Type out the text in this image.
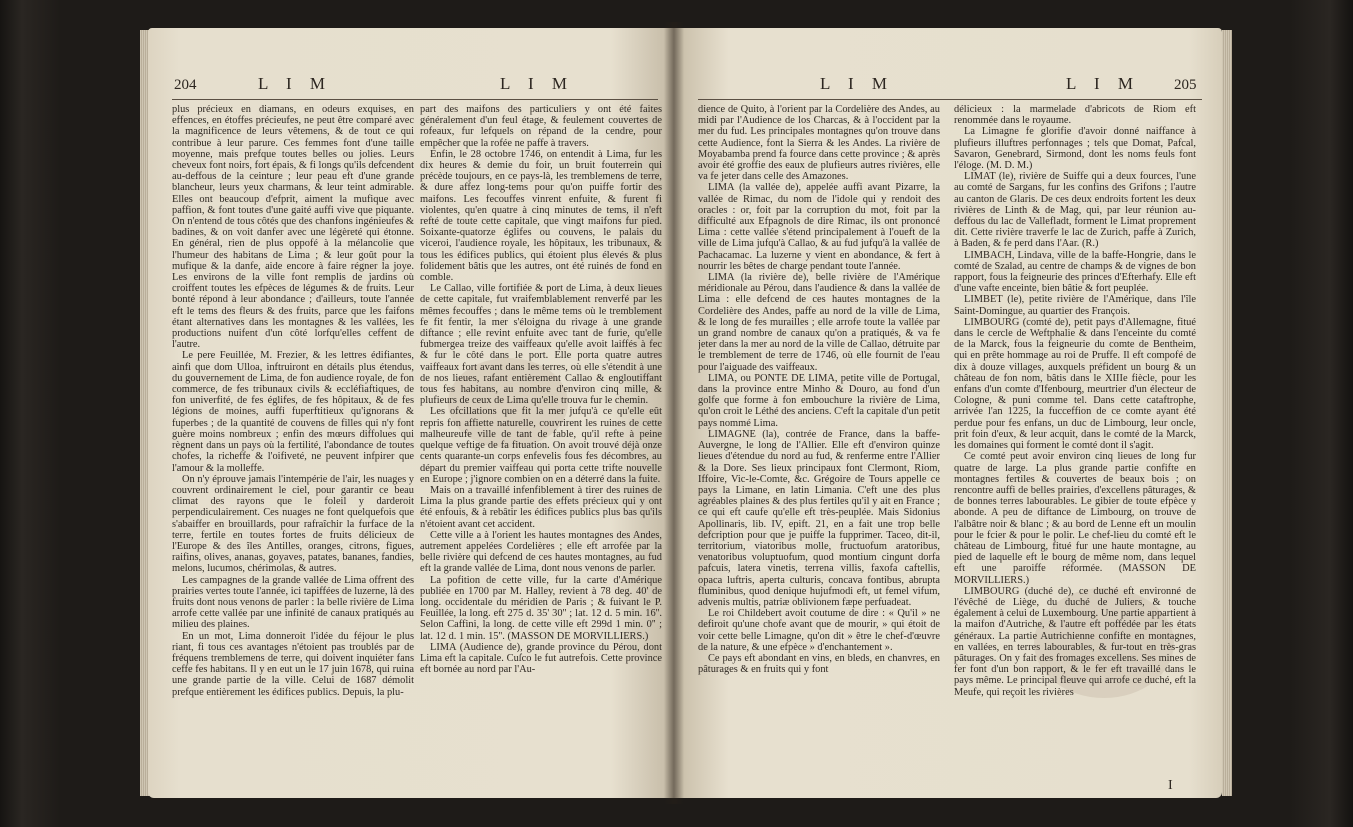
204	L I M	L I M

plus précieux en diamans, en odeurs exquises, en effences, en étoffes précieufes, ne peut être comparé avec la magnificence de leurs vêtemens, & de tout ce qui contribue à leur parure. Ces femmes font d'une taille moyenne, mais prefque toutes belles ou jolies. Leurs cheveux font noirs, fort épais, & fi longs qu'ils defcendent au-deffous de la ceinture ; leur peau eft d'une grande blancheur, leurs yeux charmans, & leur teint admirable. Elles ont beaucoup d'efprit, aiment la mufique avec paffion, & font toutes d'une gaité auffi vive que piquante. On n'entend de tous côtés que des chanfons ingénieufes & badines, & on voit danfer avec une légèreté qui étonne. En général, rien de plus oppofé à la mélancolie que l'humeur des habitans de Lima ; & leur goût pour la mufique & la danfe, aide encore à faire régner la joye. Les environs de la ville font remplis de jardins où croiffent toutes les efpèces de légumes & de fruits. Leur bonté répond à leur abondance ; d'ailleurs, toute l'année eft le tems des fleurs & des fruits, parce que les faifons étant alternatives dans les montagnes & les vallées, les productions nuifent d'un côté lorfqu'elles ceffent de l'autre.

Le pere Feuillée, M. Frezier, & les lettres édifiantes, ainfi que dom Ulloa, inftruiront en détails plus étendus, du gouvernement de Lima, de fon audience royale, de fon commerce, de fes tribunaux civils & eccléfiaftiques, de fon univerfité, de fes églifes, de fes hôpitaux, & de fes légions de moines, auffi fuperftitieux qu'ignorans & fuperbes ; de la quantité de couvens de filles qui n'y font guère moins nombreux ; enfin des mœurs diffolues qui règnent dans un pays où la fertilité, l'abondance de toutes chofes, la richeffe & l'oifiveté, ne peuvent infpirer que l'amour & la molleffe.

On n'y éprouve jamais l'intempérie de l'air, les nuages y couvrent ordinairement le ciel, pour garantir ce beau climat des rayons que le foleil y darderoit perpendiculairement. Ces nuages ne font quelquefois que s'abaiffer en brouillards, pour rafraîchir la furface de la terre, fertile en toutes fortes de fruits délicieux de l'Europe & des îles Antilles, oranges, citrons, figues, raifins, olives, ananas, goyaves, patates, bananes, fandies, melons, lucumos, chérimolas, & autres.

Les campagnes de la grande vallée de Lima offrent des prairies vertes toute l'année, ici tapiffées de luzerne, là des fruits dont nous venons de parler : la belle rivière de Lima arrofe cette vallée par une infinité de canaux pratiqués au milieu des plaines.

En un mot, Lima donneroit l'idée du féjour le plus riant, fi tous ces avantages n'étoient pas troublés par de fréquens tremblemens de terre, qui doivent inquiéter fans ceffe fes habitans. Il y en eut un le 17 juin 1678, qui ruina une grande partie de la ville. Celui de 1687 démolit prefque entièrement les édifices publics. Depuis, la plu-

part des maifons des particuliers y ont été faites généralement d'un feul étage, & feulement couvertes de rofeaux, fur lefquels on répand de la cendre, pour empêcher que la rofée ne paffe à travers.

Enfin, le 28 octobre 1746, on entendit à Lima, fur les dix heures & demie du foir, un bruit fouterrein qui précède toujours, en ce pays-là, les tremblemens de terre, & dure affez long-tems pour qu'on puiffe fortir des maifons. Les fecouffes vinrent enfuite, & furent fi violentes, qu'en quatre à cinq minutes de tems, il n'eft refté de toute cette capitale, que vingt maifons fur pied. Soixante-quatorze églifes ou couvens, le palais du viceroi, l'audience royale, les hôpitaux, les tribunaux, & tous les édifices publics, qui étoient plus élevés & plus folidement bâtis que les autres, ont été ruinés de fond en comble.

Le Callao, ville fortifiée & port de Lima, à deux lieues de cette capitale, fut vraifemblablement renverfé par les mêmes fecouffes ; dans le même tems où le tremblement fe fit fentir, la mer s'éloigna du rivage à une grande diftance ; elle revint enfuite avec tant de furie, qu'elle fubmergea treize des vaiffeaux qu'elle avoit laiffés à fec & fur le côté dans le port. Elle porta quatre autres vaiffeaux fort avant dans les terres, où elle s'étendit à une de nos lieues, rafant entièrement Callao & engloutiffant tous fes habitans, au nombre d'environ cinq mille, & plufieurs de ceux de Lima qu'elle trouva fur le chemin.

Les ofcillations que fit la mer jufqu'à ce qu'elle eût repris fon affiette naturelle, couvrirent les ruines de cette malheureufe ville de tant de fable, qu'il refte à peine quelque veftige de fa fituation. On avoit trouvé déjà onze cents quarante-un corps enfevelis fous fes décombres, au départ du premier vaiffeau qui porta cette trifte nouvelle en Europe ; j'ignore combien on en a déterré dans la fuite.

Mais on a travaillé infenfiblement à tirer des ruines de Lima la plus grande partie des effets précieux qui y ont été enfouis, & à rebâtir les édifices publics plus bas qu'ils n'étoient avant cet accident.

Cette ville a à l'orient les hautes montagnes des Andes, autrement appelées Cordelières ; elle eft arrofée par la belle rivière qui defcend de ces hautes montagnes, au fud eft la grande vallée de Lima, dont nous venons de parler.

La pofition de cette ville, fur la carte d'Amérique publiée en 1700 par M. Halley, revient à 78 deg. 40' de long. occidentale du méridien de Paris ; & fuivant le P. Feuillée, la long. eft 275 d. 35' 30'' ; lat. 12 d. 5 min. 16''. Selon Caffini, la long. de cette ville eft 299d 1 min. 0'' ; lat. 12 d. 1 min. 15''. (MASSON DE MORVILLIERS.)

LIMA (Audience de), grande province du Pérou, dont Lima eft la capitale. Cuſco le fut autrefois. Cette province eft bornée au nord par l'Au-

L I M	L I M 205

dience de Quito, à l'orient par la Cordelière des Andes, au midi par l'Audience de los Charcas, & à l'occident par la mer du fud. Les principales montagnes qu'on trouve dans cette Audience, font la Sierra & les Andes. La rivière de Moyabamba prend fa fource dans cette province ; & après avoir été groffie des eaux de plufieurs autres rivières, elle va fe jeter dans celle des Amazones.

LIMA (la vallée de), appelée auffi avant Pizarre, la vallée de Rimac, du nom de l'idole qui y rendoit des oracles : or, foit par la corruption du mot, foit par la difficulté aux Efpagnols de dire Rimac, ils ont prononcé Lima : cette vallée s'étend principalement à l'oueft de la ville de Lima jufqu'à Callao, & au fud jufqu'à la vallée de Pachacamac. La luzerne y vient en abondance, & fert à nourrir les bêtes de charge pendant toute l'année.

LIMA (la rivière de), belle rivière de l'Amérique méridionale au Pérou, dans l'audience & dans la vallée de Lima : elle defcend de ces hautes montagnes de la Cordelière des Andes, paffe au nord de la ville de Lima, & le long de fes murailles ; elle arrofe toute la vallée par un grand nombre de canaux qu'on a pratiqués, & va fe jeter dans la mer au nord de la ville de Callao, détruite par le tremblement de terre de 1746, où elle fournit de l'eau pour l'aiguade des vaiffeaux.

LIMA, ou PONTE DE LIMA, petite ville de Portugal, dans la province entre Minho & Douro, au fond d'un golfe que forme à fon embouchure la rivière de Lima, qu'on croit le Léthé des anciens. C'eft la capitale d'un petit pays nommé Lima.

LIMAGNE (la), contrée de France, dans la baffe-Auvergne, le long de l'Allier. Elle eft d'environ quinze lieues d'étendue du nord au fud, & renferme entre l'Allier & la Dore. Ses lieux principaux font Clermont, Riom, Iffoire, Vic-le-Comte, &c. Grégoire de Tours appelle ce pays la Limane, en latin Limania. C'eft une des plus agréables plaines & des plus fertiles qu'il y ait en France ; ce qui eft caufe qu'elle eft très-peuplée. Mais Sidonius Apollinaris, lib. IV, epift. 21, en a fait une trop belle defcription pour que je puiffe la fupprimer. Taceo, dit-il, territorium, viatoribus molle, fructuofum aratoribus, venatoribus voluptuofum, quod montium cingunt dorfa pafcuis, latera vinetis, terrena villis, faxofa caftellis, opaca luftris, aperta culturis, concava fontibus, abrupta fluminibus, quod denique hujufmodi eft, ut femel vifum, advenis multis, patriæ oblivionem fæpe perfuadeat.

Le roi Childebert avoit coutume de dire : « Qu'il » ne defiroit qu'une chofe avant que de mourir, » qui étoit de voir cette belle Limagne, qu'on dit » être le chef-d'œuvre de la nature, & une efpèce » d'enchantement ».

Ce pays eft abondant en vins, en bleds, en chanvres, en pâturages & en fruits qui y font

délicieux : la marmelade d'abricots de Riom eft renommée dans le royaume.

La Limagne fe glorifie d'avoir donné naiffance à plufieurs illuftres perfonnages ; tels que Domat, Pafcal, Savaron, Genebrard, Sirmond, dont les noms feuls font l'éloge. (M. D. M.)

LIMAT (le), rivière de Suiffe qui a deux fources, l'une au comté de Sargans, fur les confins des Grifons ; l'autre au canton de Glaris. De ces deux endroits fortent les deux rivières de Linth & de Mag, qui, par leur réunion au-deffous du lac de Vallefladt, forment le Limat proprement dit. Cette rivière traverfe le lac de Zurich, paffe à Zurich, à Baden, & fe perd dans l'Aar. (R.)

LIMBACH, Lindava, ville de la baffe-Hongrie, dans le comté de Szalad, au centre de champs & de vignes de bon rapport, fous la feigneurie des princes d'Efterhafy. Elle eft d'une vafte enceinte, bien bâtie & fort peuplée.

LIMBET (le), petite rivière de l'Amérique, dans l'île Saint-Domingue, au quartier des François.

LIMBOURG (comté de), petit pays d'Allemagne, fitué dans le cercle de Weftphalie & dans l'enceinte du comté de la Marck, fous la feigneurie du comte de Bentheim, qui en prête hommage au roi de Pruffe. Il eft compofé de dix à douze villages, auxquels préfident un bourg & un château de fon nom, bâtis dans le XIIIe fiècle, pour les enfans d'un comte d'Ifenbourg, meurtrier d'un électeur de Cologne, & puni comme tel. Dans cette cataftrophe, arrivée l'an 1225, la fucceffion de ce comte ayant été perdue pour fes enfans, un duc de Limbourg, leur oncle, prit foin d'eux, & leur acquit, dans le comté de la Marck, les domaines qui forment le comté dont il s'agit.

Ce comté peut avoir environ cinq lieues de long fur quatre de large. La plus grande partie confifte en montagnes fertiles & couvertes de beaux bois ; on rencontre auffi de belles prairies, d'excellens pâturages, & de bonnes terres labourables. Le gibier de toute efpèce y abonde. A peu de diftance de Limbourg, on trouve de l'albâtre noir & blanc ; & au bord de Lenne eft un moulin pour le fcier & pour le polir. Le chef-lieu du comté eft le château de Limbourg, fitué fur une haute montagne, au pied de laquelle eft le bourg de même nom, dans lequel eft une paroiffe réformée. (MASSON DE MORVILLIERS.)

LIMBOURG (duché de), ce duché eft environné de l'évêché de Liège, du duché de Juliers, & touche également à celui de Luxembourg. Une partie appartient à la maifon d'Autriche, & l'autre eft poffédée par les états généraux. La partie Autrichienne confifte en montagnes, en vallées, en terres labourables, & fur-tout en très-gras pâturages. On y fait des fromages excellens. Ses mines de fer font d'un bon rapport, & le fer eft travaillé dans le pays même. Le principal fleuve qui arrofe ce duché, eft la Meufe, qui reçoit les rivières

I
